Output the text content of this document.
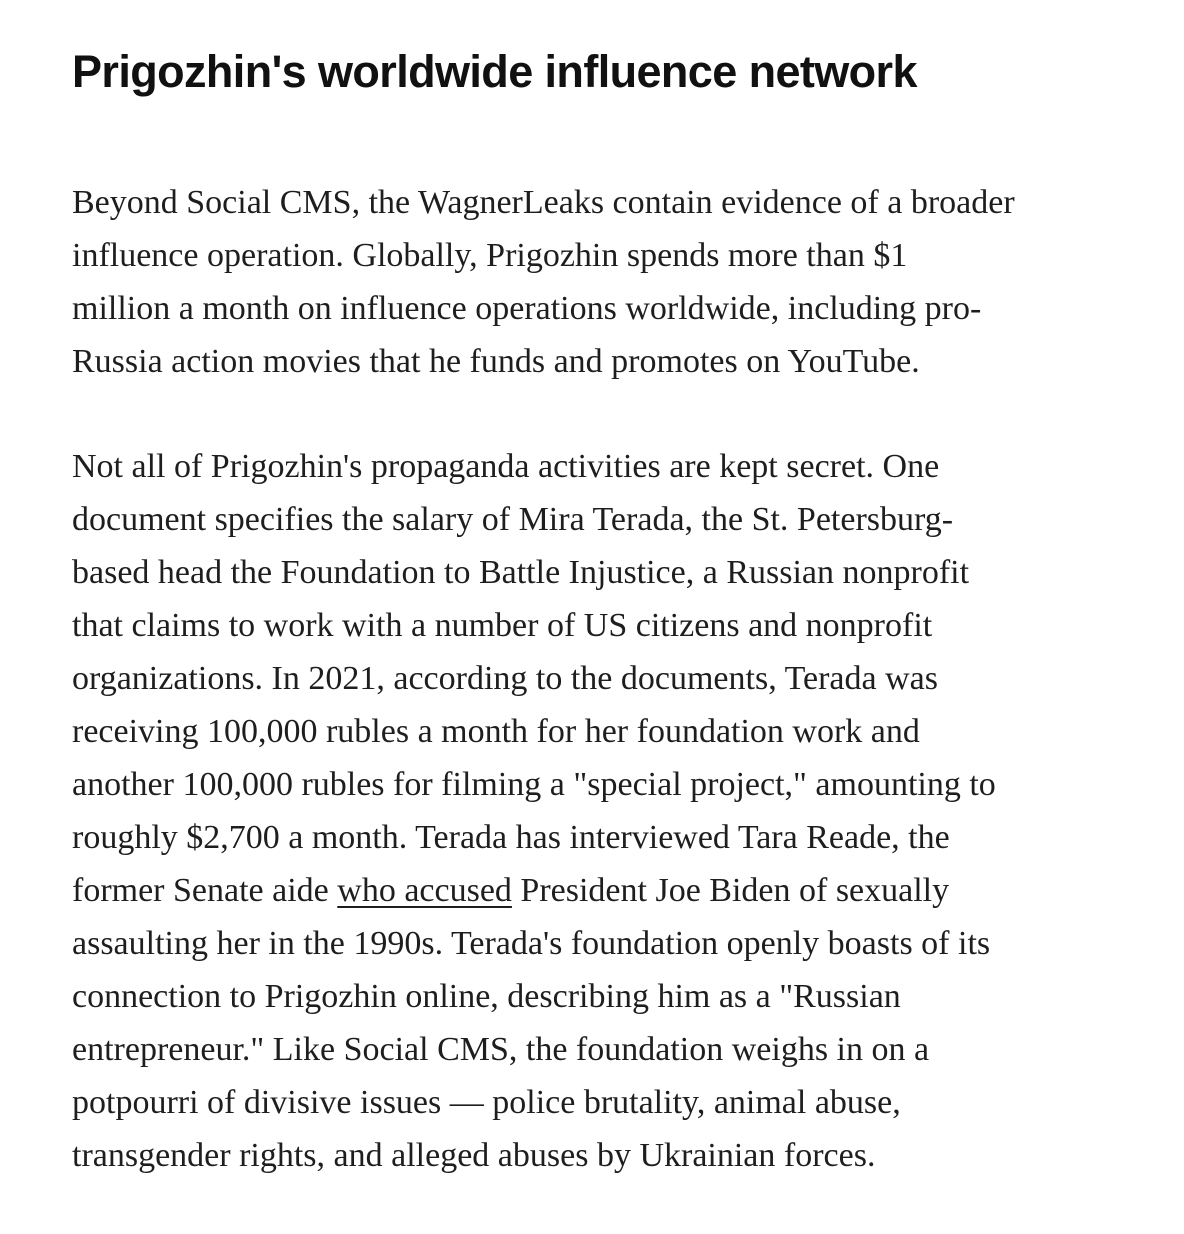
Prigozhin's worldwide influence network

Beyond Social CMS, the WagnerLeaks contain evidence of a broader
influence operation. Globally, Prigozhin spends more than $1
million a month on influence operations worldwide, including pro-
Russia action movies that he funds and promotes on YouTube.

Not all of Prigozhin's propaganda activities are kept secret. One
document specifies the salary of Mira Terada, the St. Petersburg-
based head the Foundation to Battle Injustice, a Russian nonprofit
that claims to work with a number of US citizens and nonprofit
organizations. In 2021, according to the documents, Terada was
receiving 100,000 rubles a month for her foundation work and
another 100,000 rubles for filming a "special project," amounting to
roughly $2,700 a month. Terada has interviewed Tara Reade, the
former Senate aide who accused President Joe Biden of sexually
assaulting her in the 1990s. Terada's foundation openly boasts of its
connection to Prigozhin online, describing him as a "Russian
entrepreneur." Like Social CMS, the foundation weighs in on a
potpourri of divisive issues — police brutality, animal abuse,
transgender rights, and alleged abuses by Ukrainian forces.
